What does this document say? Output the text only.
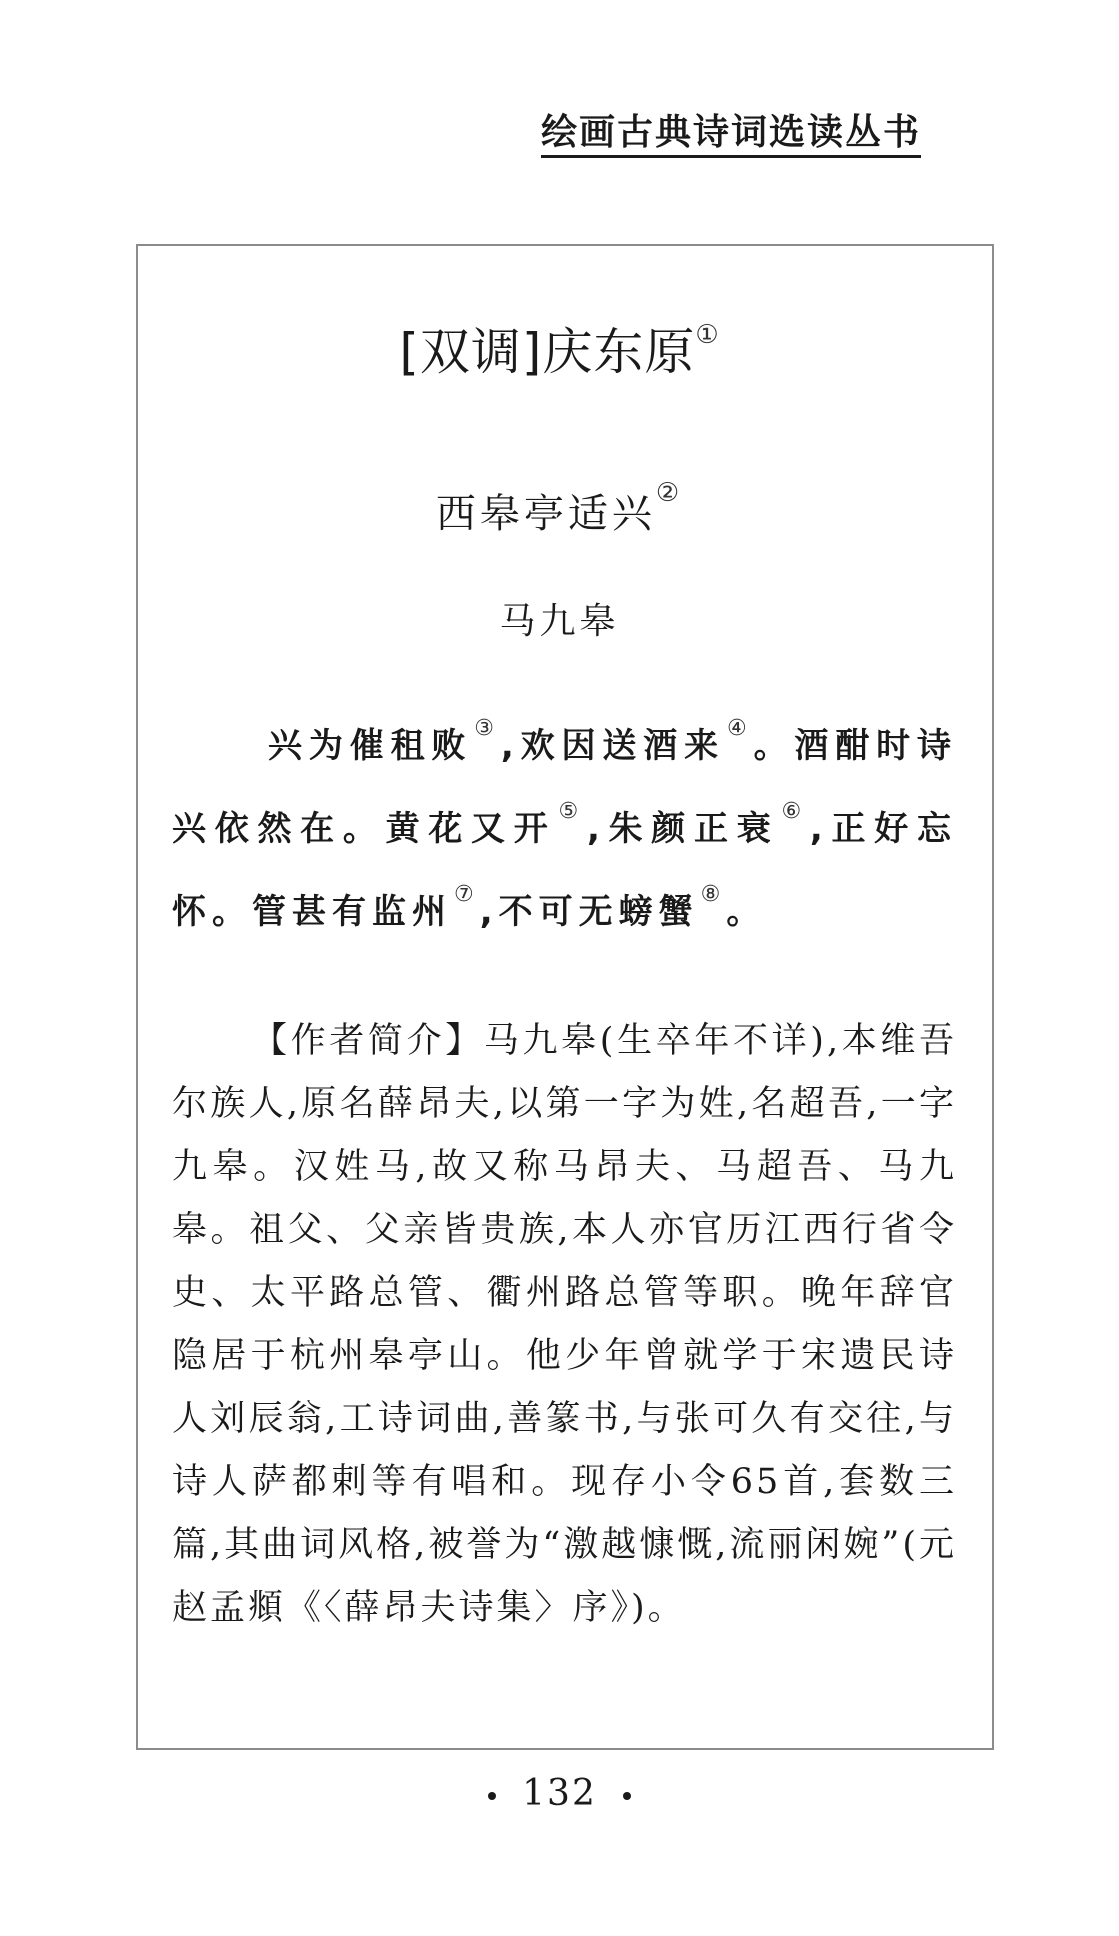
绘画古典诗词选读丛书
[双调]庆东原①
西皋亭适兴②
马九皋
兴为催租败③,欢因送酒来④。酒酣时诗兴依然在。黄花又开⑤,朱颜正衰⑥,正好忘怀。管甚有监州⑦,不可无螃蟹⑧。
【作者简介】马九皋(生卒年不详),本维吾尔族人,原名薛昂夫,以第一字为姓,名超吾,一字九皋。汉姓马,故又称马昂夫、马超吾、马九皋。祖父、父亲皆贵族,本人亦官历江西行省令史、太平路总管、衢州路总管等职。晚年辞官隐居于杭州皋亭山。他少年曾就学于宋遗民诗人刘辰翁,工诗词曲,善篆书,与张可久有交往,与诗人萨都剌等有唱和。现存小令65首,套数三篇,其曲词风格,被誉为“激越慷慨,流丽闲婉”(元赵孟頫《〈薛昂夫诗集〉序》)。
132
